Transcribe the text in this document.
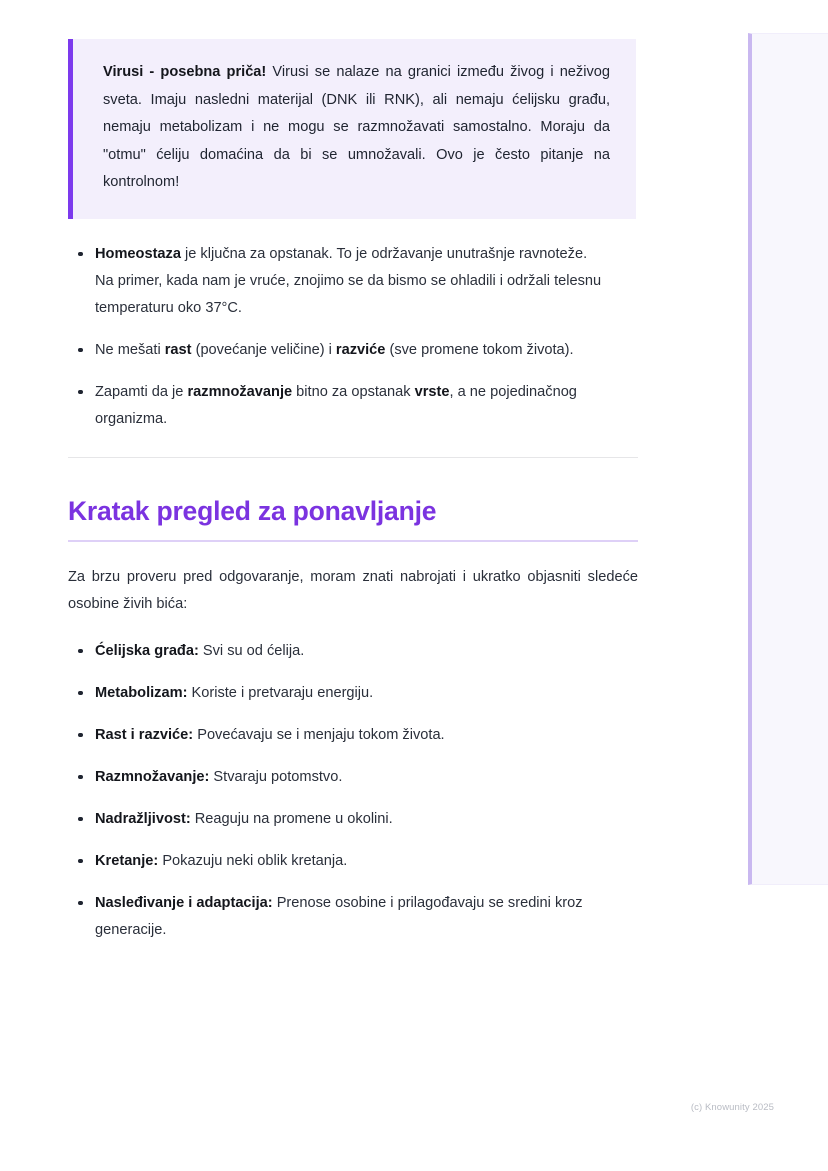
Virusi - posebna priča! Virusi se nalaze na granici između živog i neživog sveta. Imaju nasledni materijal (DNK ili RNK), ali nemaju ćelijsku građu, nemaju metabolizam i ne mogu se razmnožavati samostalno. Moraju da "otmu" ćeliju domaćina da bi se umnožavali. Ovo je često pitanje na kontrolnom!

Homeostaza je ključna za opstanak. To je održavanje unutrašnje ravnoteže. Na primer, kada nam je vruće, znojimo se da bismo se ohladili i održali telesnu temperaturu oko 37°C.
Ne mešati rast (povećanje veličine) i razviće (sve promene tokom života).
Zapamti da je razmnožavanje bitno za opstanak vrste, a ne pojedinačnog organizma.
Kratak pregled za ponavljanje

Za brzu proveru pred odgovaranje, moram znati nabrojati i ukratko objasniti sledeće osobine živih bića:

Ćelijska građa: Svi su od ćelija.
Metabolizam: Koriste i pretvaraju energiju.
Rast i razviće: Povećavaju se i menjaju tokom života.
Razmnožavanje: Stvaraju potomstvo.
Nadražljivost: Reaguju na promene u okolini.
Kretanje: Pokazuju neki oblik kretanja.
Nasleđivanje i adaptacija: Prenose osobine i prilagođavaju se sredini kroz generacije.
(c) Knowunity 2025
